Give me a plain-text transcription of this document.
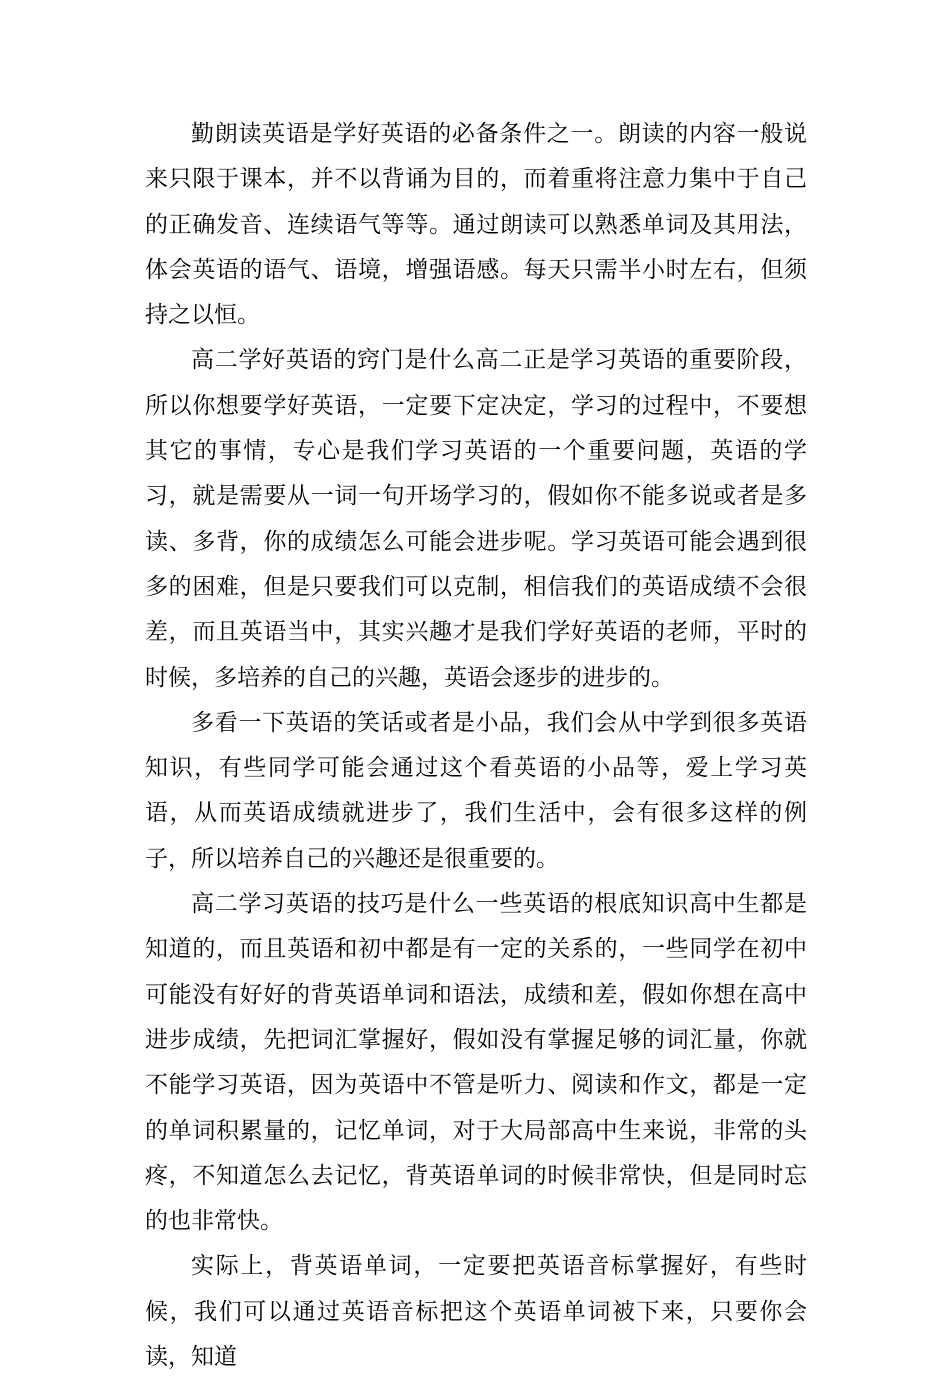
勤朗读英语是学好英语的必备条件之一。朗读的内容一般说来只限于课本，并不以背诵为目的，而着重将注意力集中于自己的正确发音、连续语气等等。通过朗读可以熟悉单词及其用法，体会英语的语气、语境，增强语感。每天只需半小时左右，但须持之以恒。

高二学好英语的窍门是什么高二正是学习英语的重要阶段，所以你想要学好英语，一定要下定决定，学习的过程中，不要想其它的事情，专心是我们学习英语的一个重要问题，英语的学习，就是需要从一词一句开场学习的，假如你不能多说或者是多读、多背，你的成绩怎么可能会进步呢。学习英语可能会遇到很多的困难，但是只要我们可以克制，相信我们的英语成绩不会很差，而且英语当中，其实兴趣才是我们学好英语的老师，平时的时候，多培养的自己的兴趣，英语会逐步的进步的。

多看一下英语的笑话或者是小品，我们会从中学到很多英语知识，有些同学可能会通过这个看英语的小品等，爱上学习英语，从而英语成绩就进步了，我们生活中，会有很多这样的例子，所以培养自己的兴趣还是很重要的。

高二学习英语的技巧是什么一些英语的根底知识高中生都是知道的，而且英语和初中都是有一定的关系的，一些同学在初中可能没有好好的背英语单词和语法，成绩和差，假如你想在高中进步成绩，先把词汇掌握好，假如没有掌握足够的词汇量，你就不能学习英语，因为英语中不管是听力、阅读和作文，都是一定的单词积累量的，记忆单词，对于大局部高中生来说，非常的头疼，不知道怎么去记忆，背英语单词的时候非常快，但是同时忘的也非常快。

实际上，背英语单词，一定要把英语音标掌握好，有些时候，我们可以通过英语音标把这个英语单词被下来，只要你会读，知道
